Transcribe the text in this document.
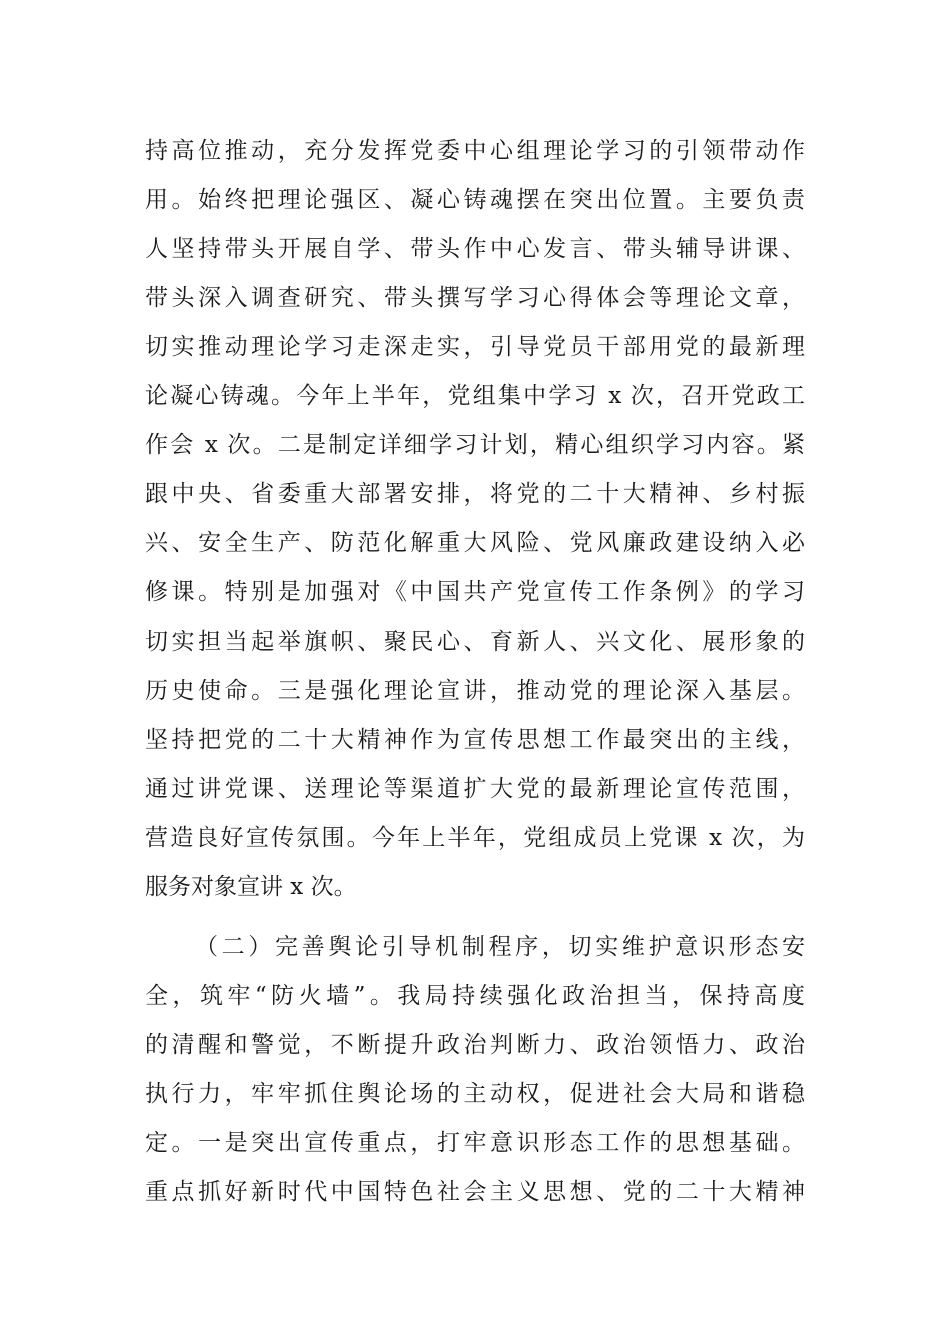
持高位推动，充分发挥党委中心组理论学习的引领带动作
用。始终把理论强区、凝心铸魂摆在突出位置。主要负责
人坚持带头开展自学、带头作中心发言、带头辅导讲课、
带头深入调查研究、带头撰写学习心得体会等理论文章，
切实推动理论学习走深走实，引导党员干部用党的最新理
论凝心铸魂。今年上半年，党组集中学习 x 次，召开党政工
作会 x 次。二是制定详细学习计划，精心组织学习内容。紧
跟中央、省委重大部署安排，将党的二十大精神、乡村振
兴、安全生产、防范化解重大风险、党风廉政建设纳入必
修课。特别是加强对《中国共产党宣传工作条例》的学习
切实担当起举旗帜、聚民心、育新人、兴文化、展形象的
历史使命。三是强化理论宣讲，推动党的理论深入基层。
坚持把党的二十大精神作为宣传思想工作最突出的主线，
通过讲党课、送理论等渠道扩大党的最新理论宣传范围，
营造良好宣传氛围。今年上半年，党组成员上党课 x 次，为
服务对象宣讲 x 次。
（二）完善舆论引导机制程序，切实维护意识形态安
全，筑牢“防火墙”。我局持续强化政治担当，保持高度
的清醒和警觉，不断提升政治判断力、政治领悟力、政治
执行力，牢牢抓住舆论场的主动权，促进社会大局和谐稳
定。一是突出宣传重点，打牢意识形态工作的思想基础。
重点抓好新时代中国特色社会主义思想、党的二十大精神
